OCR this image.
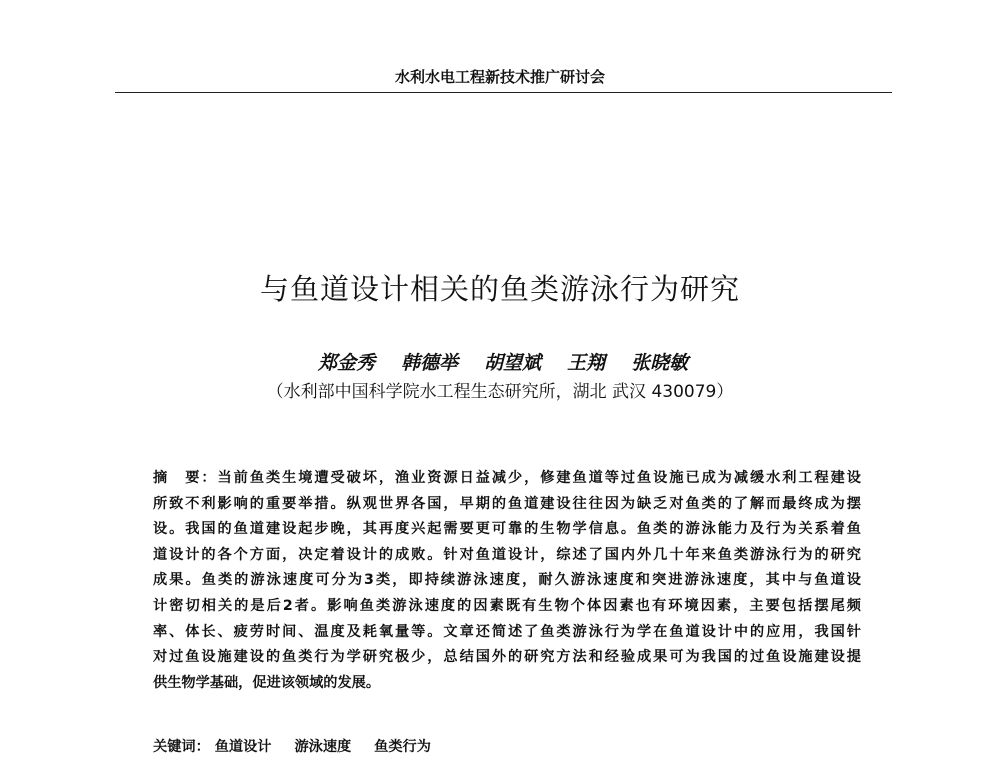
水利水电工程新技术推广研讨会
与鱼道设计相关的鱼类游泳行为研究
郑金秀 韩德举 胡望斌 王翔 张晓敏
（水利部中国科学院水工程生态研究所，湖北 武汉 430079）
摘　要：当前鱼类生境遭受破坏，渔业资源日益减少，修建鱼道等过鱼设施已成为减缓水利工程建设
所致不利影响的重要举措。纵观世界各国，早期的鱼道建设往往因为缺乏对鱼类的了解而最终成为摆
设。我国的鱼道建设起步晚，其再度兴起需要更可靠的生物学信息。鱼类的游泳能力及行为关系着鱼
道设计的各个方面，决定着设计的成败。针对鱼道设计，综述了国内外几十年来鱼类游泳行为的研究
成果。鱼类的游泳速度可分为3类，即持续游泳速度，耐久游泳速度和突进游泳速度，其中与鱼道设
计密切相关的是后2者。影响鱼类游泳速度的因素既有生物个体因素也有环境因素，主要包括摆尾频
率、体长、疲劳时间、温度及耗氧量等。文章还简述了鱼类游泳行为学在鱼道设计中的应用，我国针
对过鱼设施建设的鱼类行为学研究极少，总结国外的研究方法和经验成果可为我国的过鱼设施建设提
供生物学基础，促进该领域的发展。
关键词： 鱼道设计 游泳速度 鱼类行为
